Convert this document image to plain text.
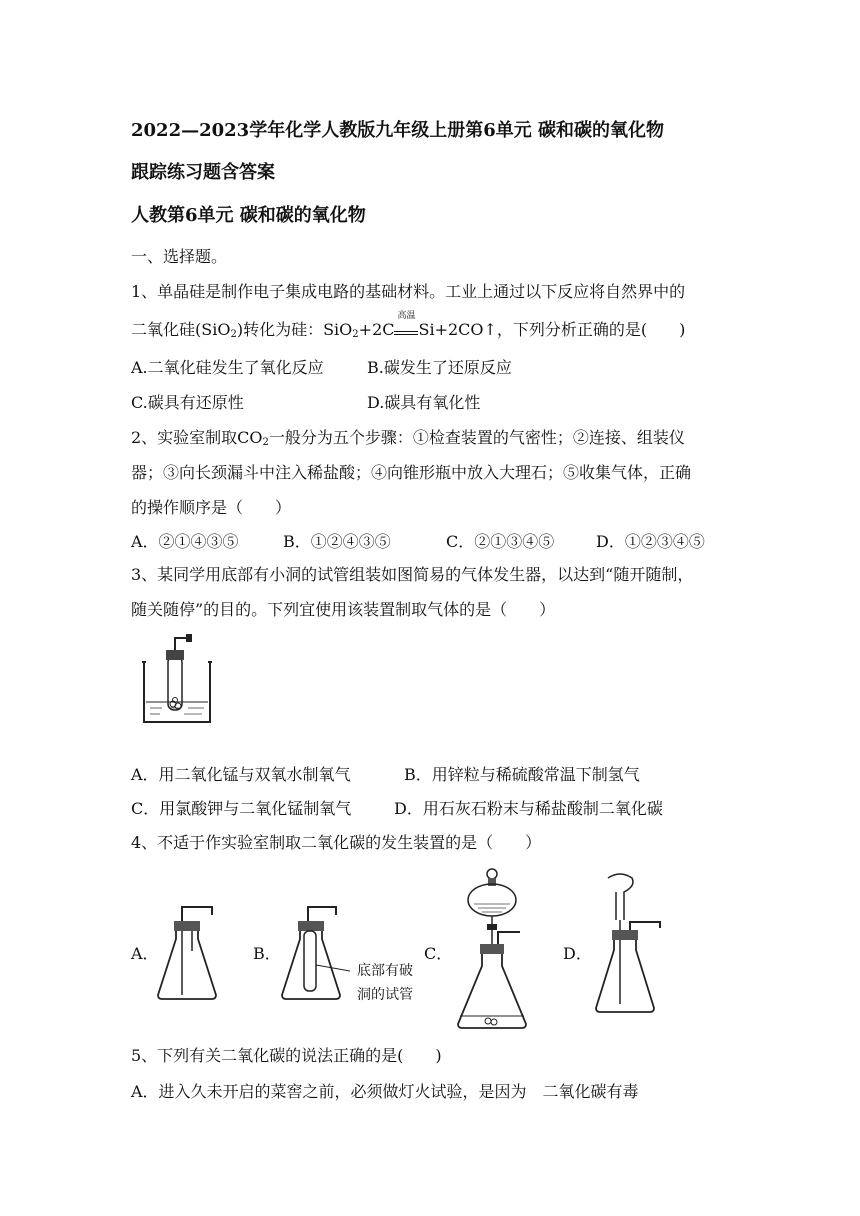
2022—2023学年化学人教版九年级上册第6单元 碳和碳的氧化物
跟踪练习题含答案
人教第6单元 碳和碳的氧化物
一、选择题。
1、单晶硅是制作电子集成电路的基础材料。工业上通过以下反应将自然界中的
二氧化硅(SiO$_2$)转化为硅：SiO$_2$+2C
高温
Si+2CO↑，下列分析正确的是(　　)
A.二氧化硅发生了氧化反应	B.碳发生了还原反应
C.碳具有还原性	D.碳具有氧化性
2、实验室制取$CO_2$一般分为五个步骤：①检查装置的气密性；②连接、组装仪
器；③向长颈漏斗中注入稀盐酸；④向锥形瓶中放入大理石；⑤收集气体，正确
的操作顺序是（　　）
A．②①④③⑤	B．①②④③⑤	C．②①③④⑤	D．①②③④⑤
3、某同学用底部有小洞的试管组装如图简易的气体发生器，以达到“随开随制，
随关随停”的目的。下列宜使用该装置制取气体的是（　　）
A．用二氧化锰与双氧水制氧气	B．用锌粒与稀硫酸常温下制氢气
C．用氯酸钾与二氧化锰制氧气	D．用石灰石粉末与稀盐酸制二氧化碳
4、不适于作实验室制取二氧化碳的发生装置的是（　　）
A．	B．
底部有破
洞的试管
C．	D．
5、下列有关二氧化碳的说法正确的是(　　)
A．进入久未开启的菜窖之前，必须做灯火试验，是因为　二氧化碳有毒
